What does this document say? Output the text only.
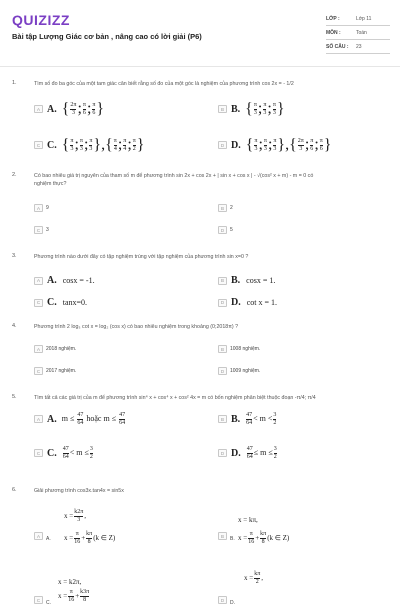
QUIZIZZ
Bài tập Lượng Giác cơ bản , nâng cao có lời giải (P6)
LỚP :	Lớp 11
MÔN :	Toán
SỐ CÂU :	23
1.	Tìm số đo ba góc của một tam giác cân biết rằng số đo của một góc là nghiệm của phương trình cos 2x = - 1/2
A A. { $\frac{2\pi}{3}$ ; $\frac{\pi}{6}$ ; $\frac{\pi}{6}$ }	B B. { $\frac{\pi}{3}$ ; $\frac{\pi}{3}$ ; $\frac{\pi}{3}$ }
C C. { $\frac{\pi}{3}$ ; $\frac{\pi}{3}$ ; $\frac{\pi}{3}$ },{ $\frac{\pi}{4}$ ; $\frac{\pi}{4}$ ; $\frac{\pi}{2}$ }	D D. { $\frac{\pi}{3}$ ; $\frac{\pi}{3}$ ; $\frac{\pi}{3}$ },{ $\frac{2\pi}{3}$ ; $\frac{\pi}{6}$ ; $\frac{\pi}{6}$ }
2.	Có bao nhiêu giá trị nguyên của tham số m để phương trình sin 2x + cos 2x + | sin x + cos x | - √(cos² x + m) - m = 0 có nghiệm thực?
A	9	B	2
C	3	D	5
3.	Phương trình nào dưới đây có tập nghiệm trùng với tập nghiệm của phương trình sin x=0 ?
A A. cosx = -1.	B B. cosx = 1.
C C. tanx=0.	D D. cot x = 1.
4.	Phương trình 2 log₃ cot x = log₂ (cos x) có bao nhiêu nghiệm trong khoảng (0;2018π) ?
A	2018 nghiệm.	B	1008 nghiệm.
C	2017 nghiệm.	D	1009 nghiệm.
5.	Tìm tất cả các giá trị của m để phương trình sin⁴ x + cos⁴ x + cos² 4x = m có bốn nghiệm phân biệt thuộc đoạn -π/4; π/4
A A. $m \le \frac{47}{64}$ hoặc $m \le \frac{47}{64}$	B B. $\frac{47}{64} < m < \frac{3}{2}$
C C. $\frac{47}{64} < m \le \frac{3}{2}$	D D. $\frac{47}{64} \le m \le \frac{3}{2}$
6.	Giải phương trình cos3x.tan4x = sin5x
A	A.
$x = \frac{k2\pi}{3}$ ,
$x = \frac{\pi}{16} + \frac{k\pi}{8} (k$ ∈ Z)	B	B.
x = kπ,
$x = \frac{\pi}{16} + \frac{k\pi}{8} (k$ ∈ Z)
C	C.
x = k2π,
$x = \frac{\pi}{16} + \frac{k3\pi}{8}$	D	D.
$x = \frac{k\pi}{2}$ ,
